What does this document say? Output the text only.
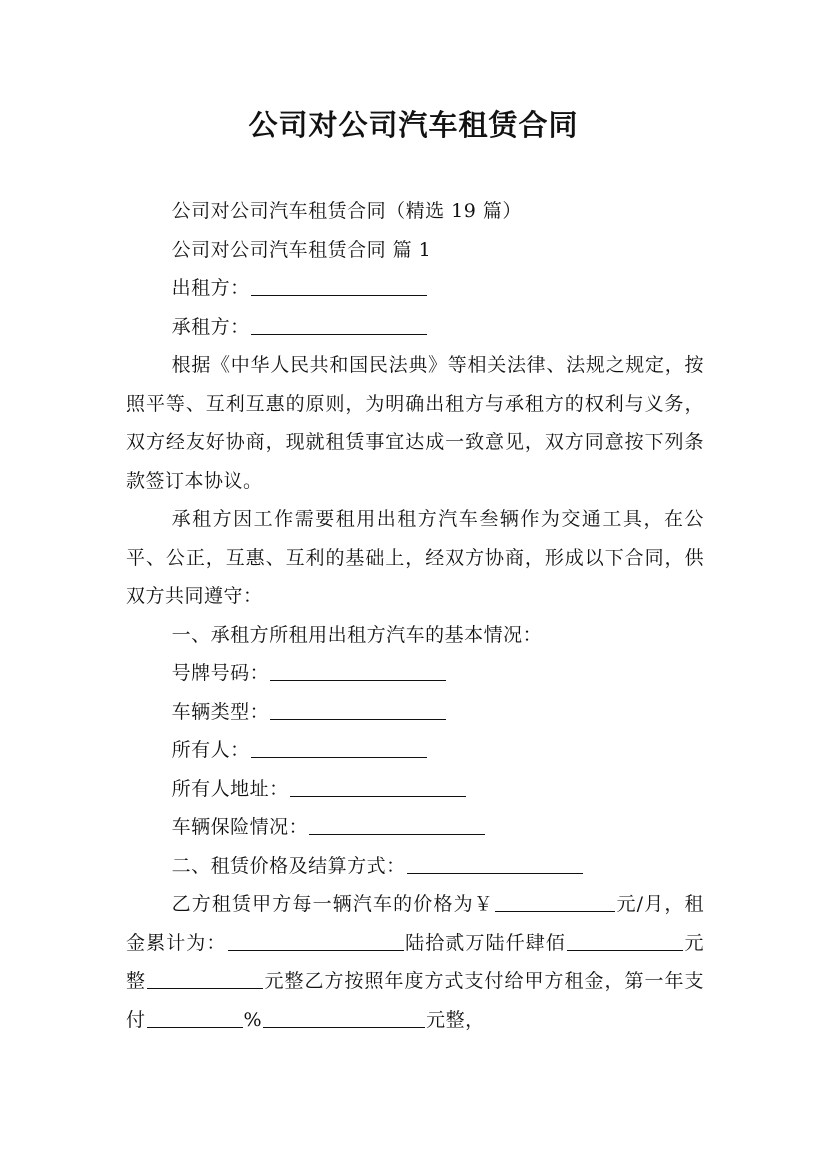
公司对公司汽车租赁合同

公司对公司汽车租赁合同（精选 19 篇）

公司对公司汽车租赁合同 篇 1

出租方：

承租方：

根据《中华人民共和国民法典》等相关法律、法规之规定，按照平等、互利互惠的原则，为明确出租方与承租方的权利与义务，双方经友好协商，现就租赁事宜达成一致意见，双方同意按下列条款签订本协议。

承租方因工作需要租用出租方汽车叁辆作为交通工具，在公平、公正，互惠、互利的基础上，经双方协商，形成以下合同，供双方共同遵守：

一、承租方所租用出租方汽车的基本情况：

号牌号码：

车辆类型：

所有人：

所有人地址：

车辆保险情况：

二、租赁价格及结算方式：

乙方租赁甲方每一辆汽车的价格为￥	元/月，租金累计为：	陆拾贰万陆仟肆佰	元整	元整乙方按照年度方式支付给甲方租金，第一年支付	%	元整，
